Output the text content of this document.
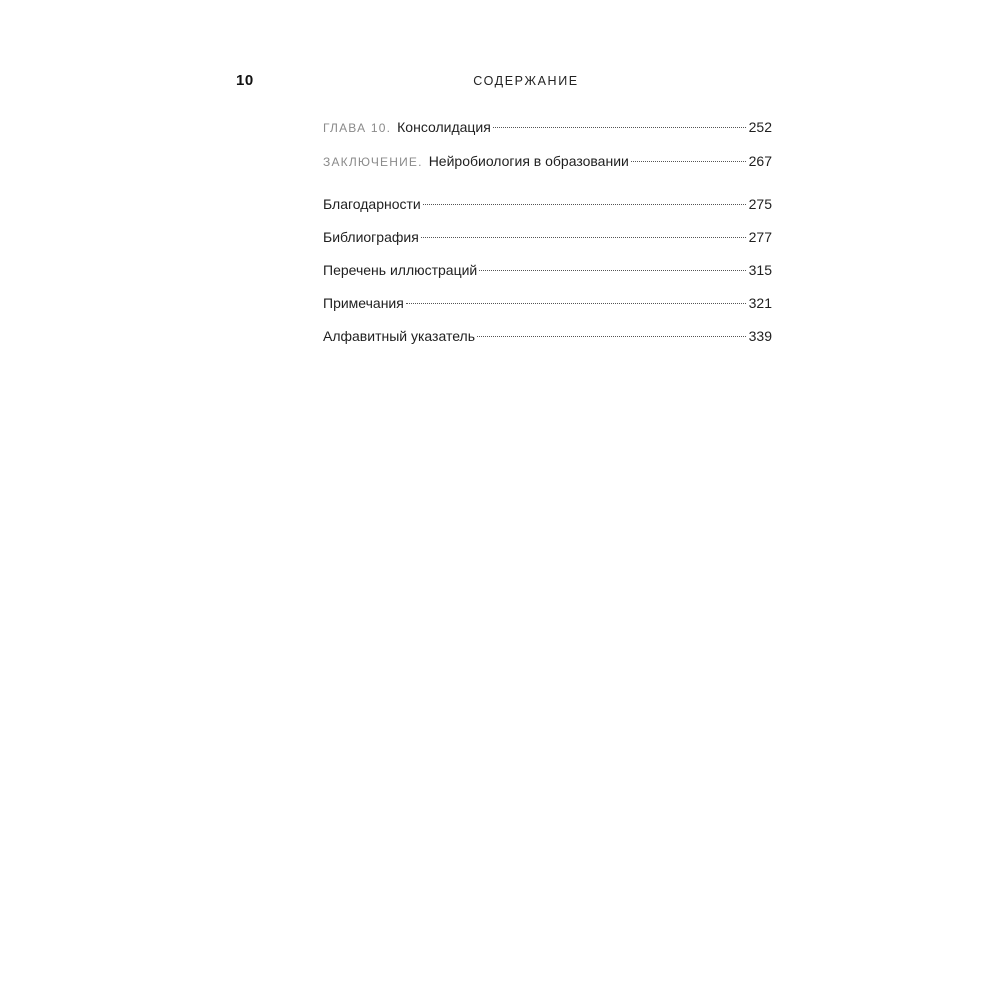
10	СОДЕРЖАНИЕ
ГЛАВА 10. Консолидация	252
ЗАКЛЮЧЕНИЕ. Нейробиология в образовании	267
Благодарности	275
Библиография	277
Перечень иллюстраций	315
Примечания	321
Алфавитный указатель	339
